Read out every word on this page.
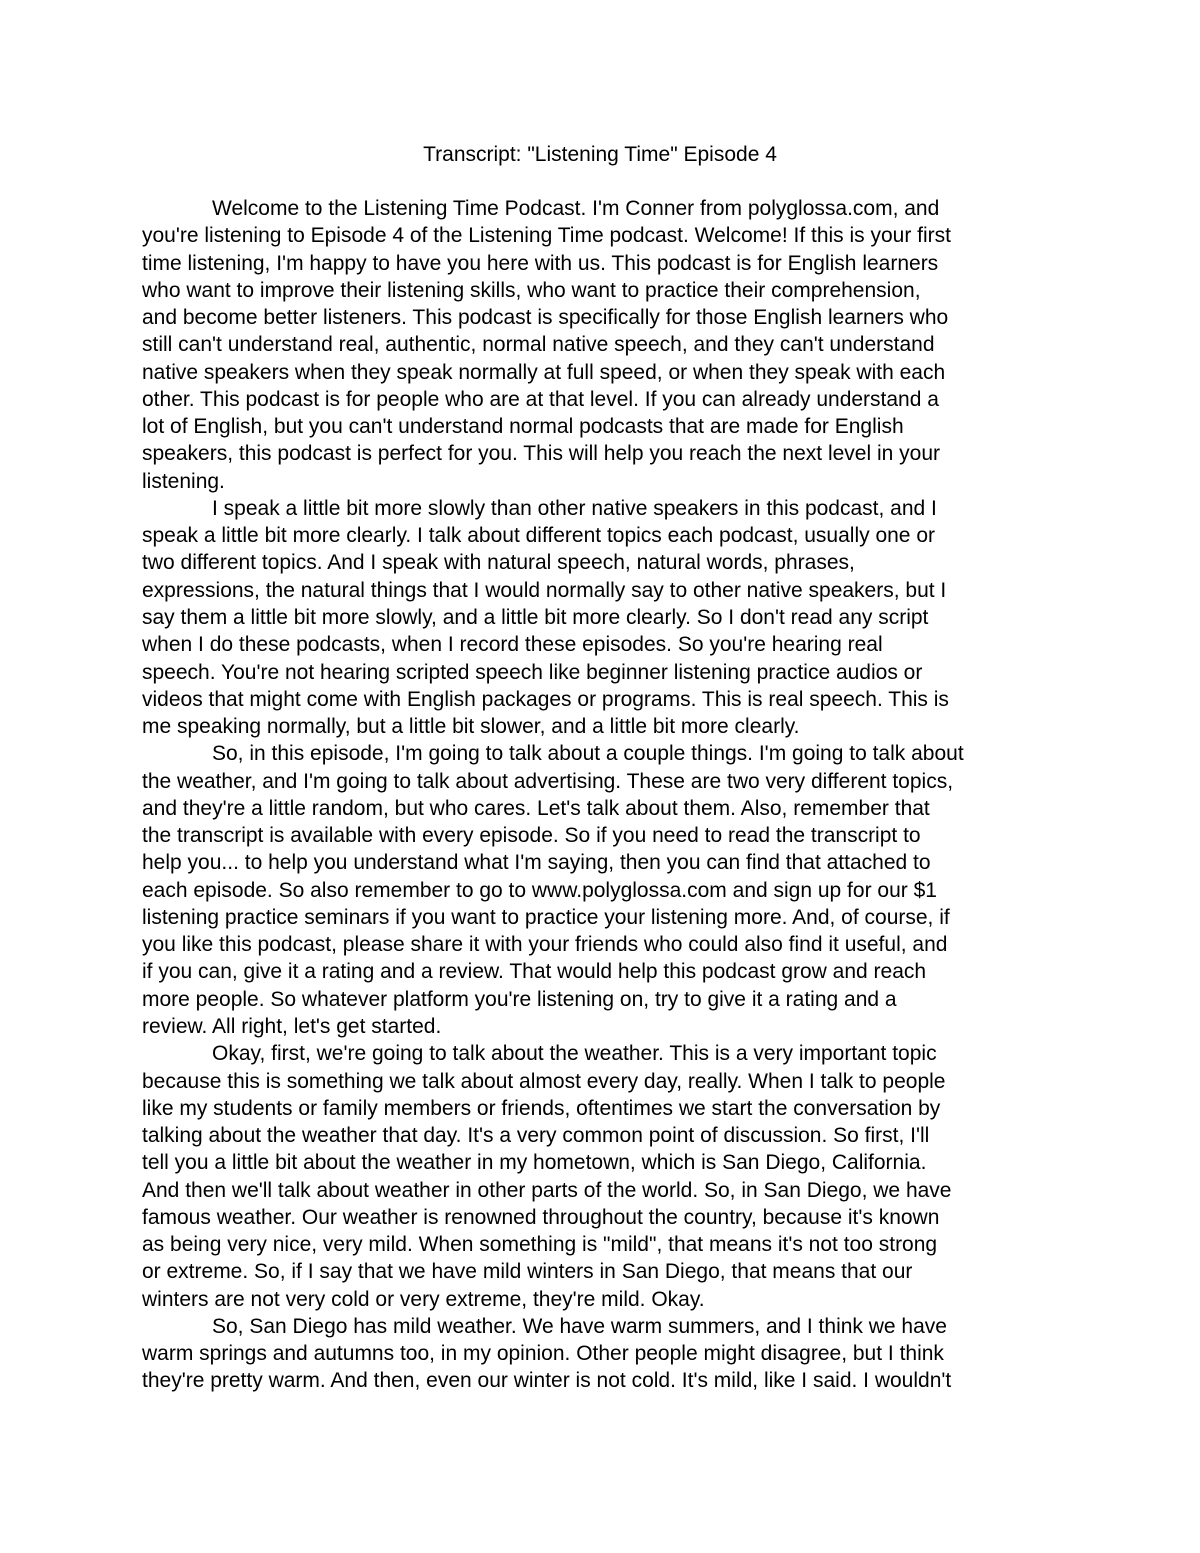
Transcript: "Listening Time" Episode 4
Welcome to the Listening Time Podcast. I'm Conner from polyglossa.com, and
you're listening to Episode 4 of the Listening Time podcast. Welcome! If this is your first
time listening, I'm happy to have you here with us. This podcast is for English learners
who want to improve their listening skills, who want to practice their comprehension,
and become better listeners. This podcast is specifically for those English learners who
still can't understand real, authentic, normal native speech, and they can't understand
native speakers when they speak normally at full speed, or when they speak with each
other. This podcast is for people who are at that level. If you can already understand a
lot of English, but you can't understand normal podcasts that are made for English
speakers, this podcast is perfect for you. This will help you reach the next level in your
listening.
I speak a little bit more slowly than other native speakers in this podcast, and I
speak a little bit more clearly. I talk about different topics each podcast, usually one or
two different topics. And I speak with natural speech, natural words, phrases,
expressions, the natural things that I would normally say to other native speakers, but I
say them a little bit more slowly, and a little bit more clearly. So I don't read any script
when I do these podcasts, when I record these episodes. So you're hearing real
speech. You're not hearing scripted speech like beginner listening practice audios or
videos that might come with English packages or programs. This is real speech. This is
me speaking normally, but a little bit slower, and a little bit more clearly.
So, in this episode, I'm going to talk about a couple things. I'm going to talk about
the weather, and I'm going to talk about advertising. These are two very different topics,
and they're a little random, but who cares. Let's talk about them. Also, remember that
the transcript is available with every episode. So if you need to read the transcript to
help you... to help you understand what I'm saying, then you can find that attached to
each episode. So also remember to go to www.polyglossa.com and sign up for our $1
listening practice seminars if you want to practice your listening more. And, of course, if
you like this podcast, please share it with your friends who could also find it useful, and
if you can, give it a rating and a review. That would help this podcast grow and reach
more people. So whatever platform you're listening on, try to give it a rating and a
review. All right, let's get started.
Okay, first, we're going to talk about the weather. This is a very important topic
because this is something we talk about almost every day, really. When I talk to people
like my students or family members or friends, oftentimes we start the conversation by
talking about the weather that day. It's a very common point of discussion. So first, I'll
tell you a little bit about the weather in my hometown, which is San Diego, California.
And then we'll talk about weather in other parts of the world. So, in San Diego, we have
famous weather. Our weather is renowned throughout the country, because it's known
as being very nice, very mild. When something is "mild", that means it's not too strong
or extreme. So, if I say that we have mild winters in San Diego, that means that our
winters are not very cold or very extreme, they're mild. Okay.
So, San Diego has mild weather. We have warm summers, and I think we have
warm springs and autumns too, in my opinion. Other people might disagree, but I think
they're pretty warm. And then, even our winter is not cold. It's mild, like I said. I wouldn't
